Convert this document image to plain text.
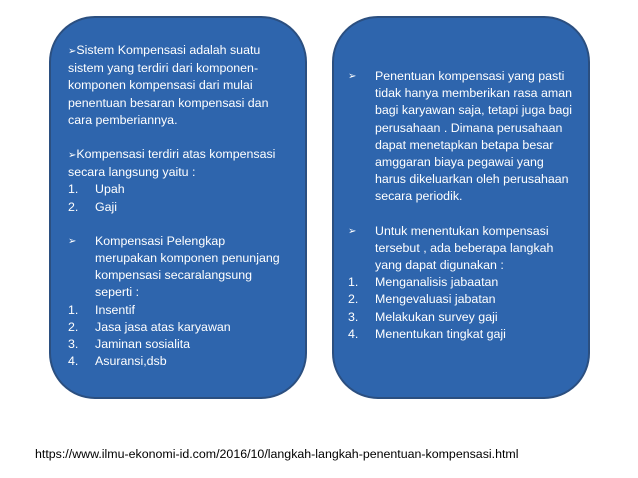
➢Sistem Kompensasi adalah suatu sistem yang terdiri dari komponen-komponen kompensasi dari mulai penentuan besaran kompensasi dan cara pemberiannya.

➢Kompensasi terdiri atas kompensasi secara langsung yaitu :

1.	Upah
2.	Gaji
➢	Kompensasi Pelengkap merupakan komponen penunjang kompensasi secaralangsung seperti :
1.	Insentif
2.	Jasa jasa atas karyawan
3.	Jaminan sosialita
4.	Asuransi,dsb
➢	Penentuan kompensasi yang pasti tidak hanya memberikan rasa aman bagi karyawan saja, tetapi juga bagi perusahaan . Dimana perusahaan dapat menetapkan betapa besar amggaran biaya pegawai yang harus dikeluarkan oleh perusahaan secara periodik.
➢	Untuk menentukan kompensasi tersebut , ada beberapa langkah yang dapat digunakan :
1.	Menganalisis jabaatan
2.	Mengevaluasi jabatan
3.	Melakukan survey gaji
4.	Menentukan tingkat gaji
https://www.ilmu-ekonomi-id.com/2016/10/langkah-langkah-penentuan-kompensasi.html
